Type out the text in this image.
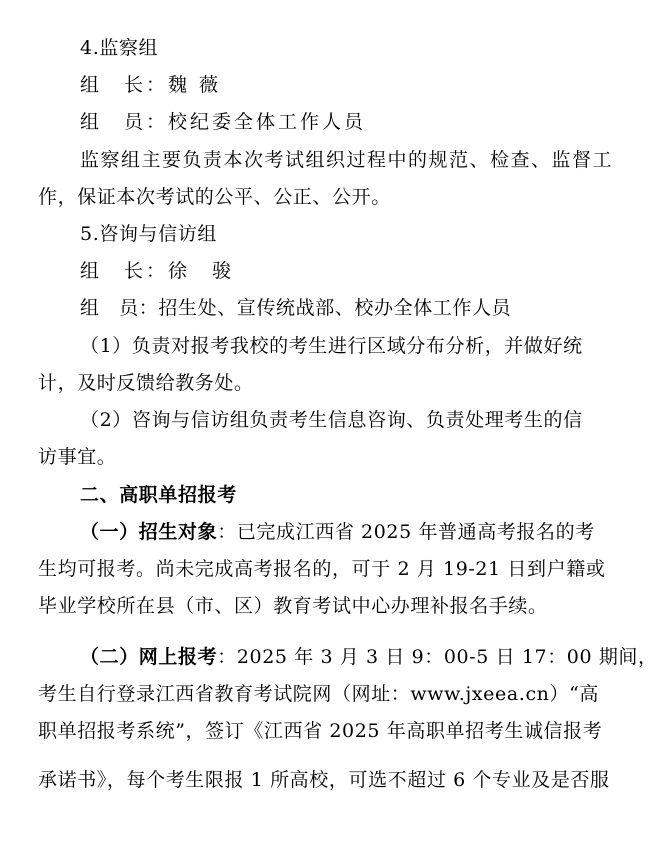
4.监察组
组　长：魏 薇
组　员：校纪委全体工作人员
监察组主要负责本次考试组织过程中的规范、检查、监督工
作，保证本次考试的公平、公正、公开。
5.咨询与信访组
组　长：徐　骏
组　员：招生处、宣传统战部、校办全体工作人员
（1）负责对报考我校的考生进行区域分布分析，并做好统
计，及时反馈给教务处。
（2）咨询与信访组负责考生信息咨询、负责处理考生的信
访事宜。
二、高职单招报考
（一）招生对象：已完成江西省 2025 年普通高考报名的考
生均可报考。尚未完成高考报名的，可于 2 月 19-21 日到户籍或
毕业学校所在县（市、区）教育考试中心办理补报名手续。
（二）网上报考：2025 年 3 月 3 日 9：00-5 日 17：00 期间，
考生自行登录江西省教育考试院网（网址：www.jxeea.cn）“高
职单招报考系统”，签订《江西省 2025 年高职单招考生诚信报考
承诺书》，每个考生限报 1 所高校，可选不超过 6 个专业及是否服
